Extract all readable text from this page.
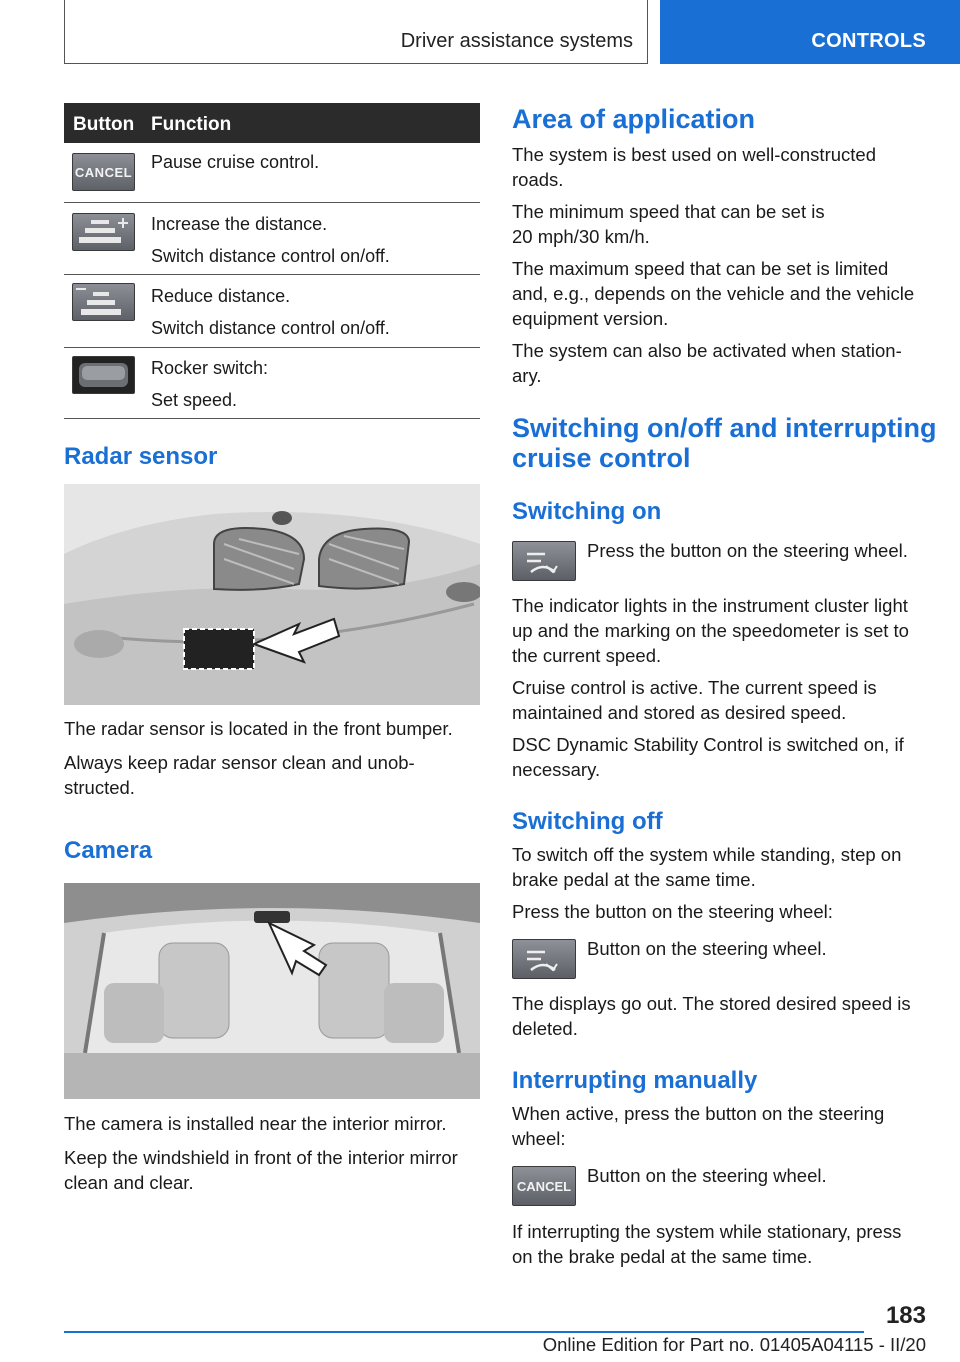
Driver assistance systems	CONTROLS
Button Function
CANCEL
Pause cruise control.
Increase the distance.
Switch distance control on/off.
Reduce distance.
Switch distance control on/off.
Rocker switch:
Set speed.
Radar sensor
The radar sensor is located in the front bumper.
Always keep radar sensor clean and unob‐
structed.
Camera
The camera is installed near the interior mirror.
Keep the windshield in front of the interior mirror
clean and clear.
Area of application
The system is best used on well-constructed
roads.
The minimum speed that can be set is
20 mph/30 km/h.
The maximum speed that can be set is limited
and, e.g., depends on the vehicle and the vehicle
equipment version.
The system can also be activated when station‐
ary.
Switching on/off and interrupting
cruise control
Switching on
Press the button on the steering wheel.
The indicator lights in the instrument cluster light
up and the marking on the speedometer is set to
the current speed.
Cruise control is active. The current speed is
maintained and stored as desired speed.
DSC Dynamic Stability Control is switched on, if
necessary.
Switching off
To switch off the system while standing, step on
brake pedal at the same time.
Press the button on the steering wheel:
Button on the steering wheel.
The displays go out. The stored desired speed is
deleted.
Interrupting manually
When active, press the button on the steering
wheel:
CANCEL
Button on the steering wheel.
If interrupting the system while stationary, press
on the brake pedal at the same time.
183
Online Edition for Part no. 01405A04115 - II/20
